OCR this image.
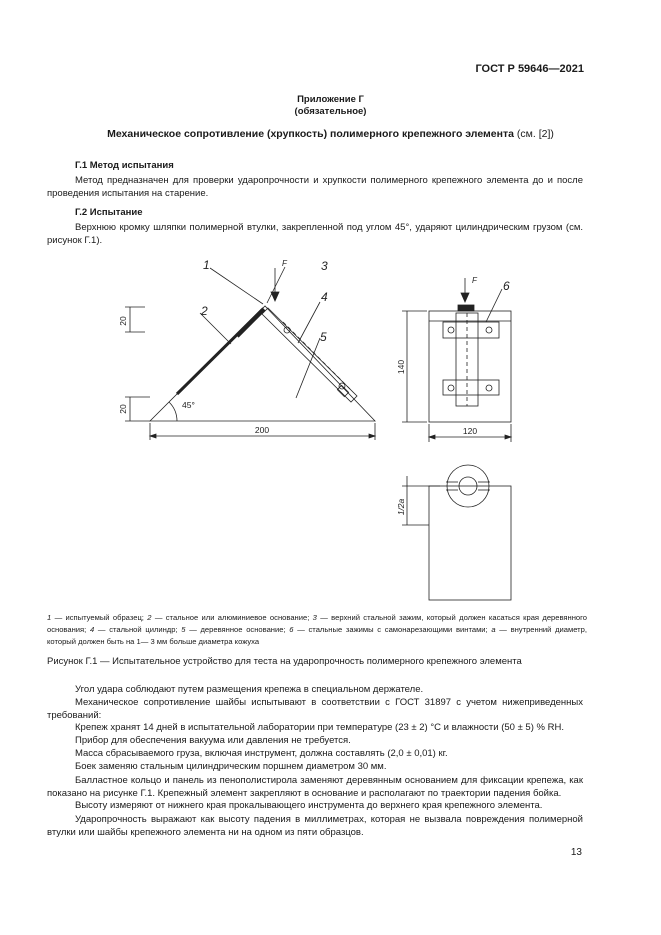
ГОСТ Р 59646—2021
Приложение Г
(обязательное)
Механическое сопротивление (хрупкость) полимерного крепежного элемента (см. [2])
Г.1 Метод испытания
Метод предназначен для проверки ударопрочности и хрупкости полимерного крепежного элемента до и после проведения испытания на старение.
Г.2 Испытание
Верхнюю кромку шляпки полимерной втулки, закрепленной под углом 45°, ударяют цилиндрическим грузом (см. рисунок Г.1).
1	3
4
5
2
6
F
F
20
20	45°
200
140
120
1/2a
1 — испытуемый образец; 2 — стальное или алюминиевое основание; 3 — верхний стальной зажим, который должен касаться края деревянного основания; 4 — стальной цилиндр; 5 — деревянное основание; 6 — стальные зажимы с самонарезающими винтами; а — внутренний диаметр, который должен быть на 1— 3 мм больше диаметра кожуха
Рисунок Г.1 — Испытательное устройство для теста на ударопрочность полимерного крепежного элемента
Угол удара соблюдают путем размещения крепежа в специальном держателе.
Механическое сопротивление шайбы испытывают в соответствии с ГОСТ 31897 с учетом нижеприведенных требований:
Крепеж хранят 14 дней в испытательной лаборатории при температуре (23 ± 2) °С и влажности (50 ± 5) % RH.
Прибор для обеспечения вакуума или давления не требуется.
Масса сбрасываемого груза, включая инструмент, должна составлять (2,0 ± 0,01) кг.
Боек заменяю стальным цилиндрическим поршнем диаметром 30 мм.
Балластное кольцо и панель из пенополистирола заменяют деревянным основанием для фиксации крепежа, как показано на рисунке Г.1. Крепежный элемент закрепляют в основание и располагают по траектории падения бойка.
Высоту измеряют от нижнего края прокалывающего инструмента до верхнего края крепежного элемента.
Ударопрочность выражают как высоту падения в миллиметрах, которая не вызвала повреждения полимерной втулки или шайбы крепежного элемента ни на одном из пяти образцов.
13
